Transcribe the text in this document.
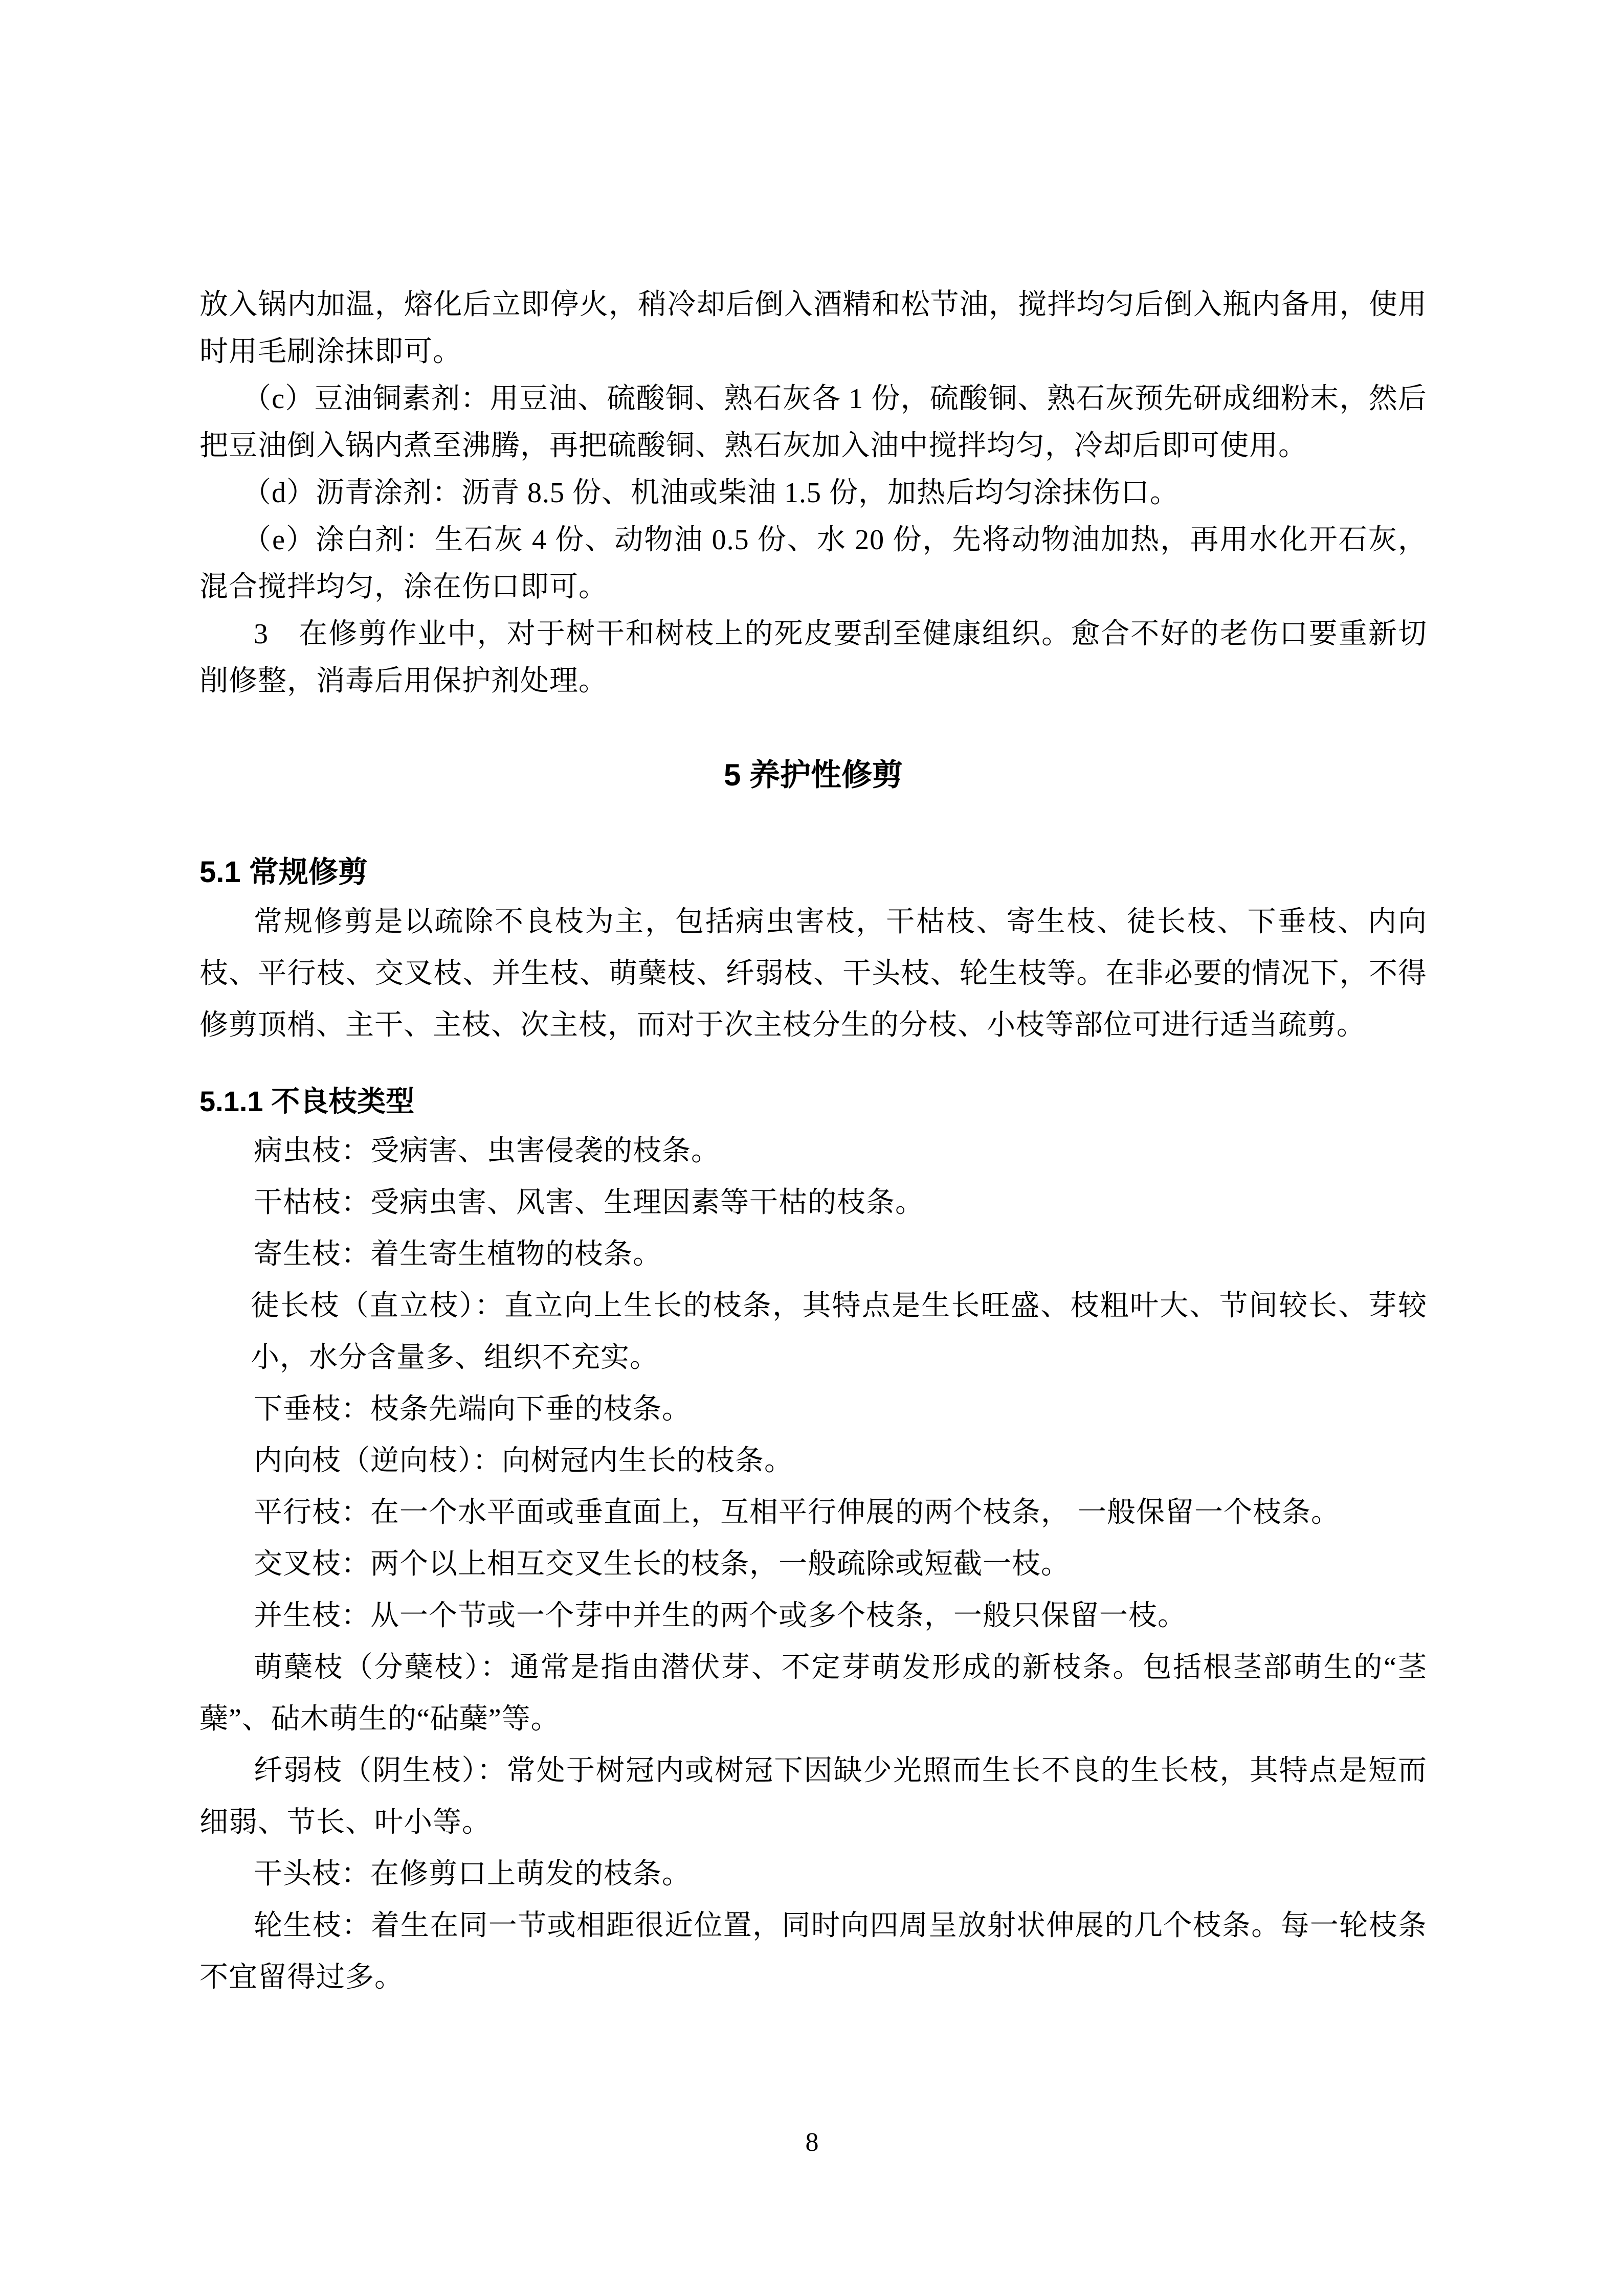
放入锅内加温，熔化后立即停火，稍冷却后倒入酒精和松节油，搅拌均匀后倒入瓶内备用，使用时用毛刷涂抹即可。

（c）豆油铜素剂：用豆油、硫酸铜、熟石灰各 1 份，硫酸铜、熟石灰预先研成细粉末，然后把豆油倒入锅内煮至沸腾，再把硫酸铜、熟石灰加入油中搅拌均匀，冷却后即可使用。

（d）沥青涂剂：沥青 8.5 份、机油或柴油 1.5 份，加热后均匀涂抹伤口。

（e）涂白剂：生石灰 4 份、动物油 0.5 份、水 20 份，先将动物油加热，再用水化开石灰，混合搅拌均匀，涂在伤口即可。

3　在修剪作业中，对于树干和树枝上的死皮要刮至健康组织。愈合不好的老伤口要重新切削修整，消毒后用保护剂处理。

5 养护性修剪
5.1 常规修剪

常规修剪是以疏除不良枝为主，包括病虫害枝，干枯枝、寄生枝、徒长枝、下垂枝、内向枝、平行枝、交叉枝、并生枝、萌蘖枝、纤弱枝、干头枝、轮生枝等。在非必要的情况下，不得修剪顶梢、主干、主枝、次主枝，而对于次主枝分生的分枝、小枝等部位可进行适当疏剪。

5.1.1 不良枝类型

病虫枝：受病害、虫害侵袭的枝条。

干枯枝：受病虫害、风害、生理因素等干枯的枝条。

寄生枝：着生寄生植物的枝条。

徒长枝（直立枝）：直立向上生长的枝条，其特点是生长旺盛、枝粗叶大、节间较长、芽较小，水分含量多、组织不充实。

下垂枝：枝条先端向下垂的枝条。

内向枝（逆向枝）：向树冠内生长的枝条。

平行枝：在一个水平面或垂直面上，互相平行伸展的两个枝条， 一般保留一个枝条。

交叉枝：两个以上相互交叉生长的枝条，一般疏除或短截一枝。

并生枝：从一个节或一个芽中并生的两个或多个枝条，一般只保留一枝。

萌蘖枝（分蘖枝）：通常是指由潜伏芽、不定芽萌发形成的新枝条。包括根茎部萌生的“茎蘖”、砧木萌生的“砧蘖”等。

纤弱枝（阴生枝）：常处于树冠内或树冠下因缺少光照而生长不良的生长枝，其特点是短而细弱、节长、叶小等。

干头枝：在修剪口上萌发的枝条。

轮生枝：着生在同一节或相距很近位置，同时向四周呈放射状伸展的几个枝条。每一轮枝条不宜留得过多。

8
